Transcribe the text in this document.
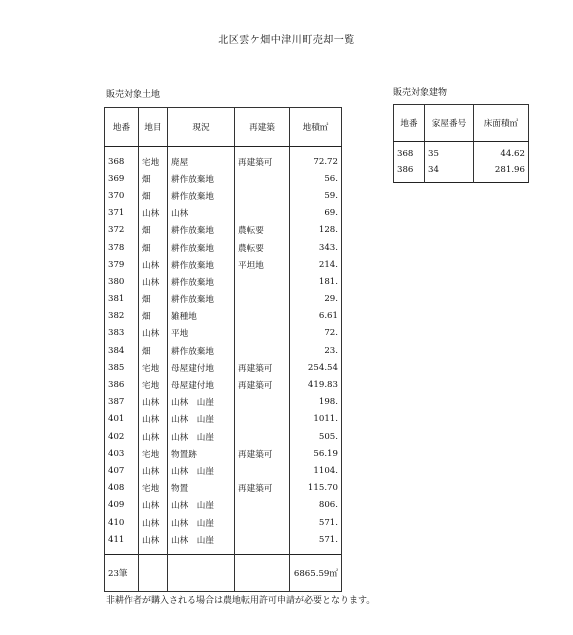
北区雲ケ畑中津川町売却一覧
販売対象土地	販売対象建物
地番	地目	現況	再建築	地積㎡
368	宅地	廃屋	再建築可	72.72
369	畑	耕作放棄地		56.
370	畑	耕作放棄地		59.
371	山林	山林		69.
372	畑	耕作放棄地	農転要	128.
378	畑	耕作放棄地	農転要	343.
379	山林	耕作放棄地	平坦地	214.
380	山林	耕作放棄地		181.
381	畑	耕作放棄地		29.
382	畑	雑種地		6.61
383	山林	平地		72.
384	畑	耕作放棄地		23.
385	宅地	母屋建付地	再建築可	254.54
386	宅地	母屋建付地	再建築可	419.83
387	山林	山林　山崖		198.
401	山林	山林　山崖		1011.
402	山林	山林　山崖		505.
403	宅地	物置跡	再建築可	56.19
407	山林	山林　山崖		1104.
408	宅地	物置	再建築可	115.70
409	山林	山林　山崖		806.
410	山林	山林　山崖		571.
411	山林	山林　山崖		571.
23筆				6865.59㎡
地番	家屋番号	床面積㎡
368	35	44.62
386	34	281.96
非耕作者が購入される場合は農地転用許可申請が必要となります。
